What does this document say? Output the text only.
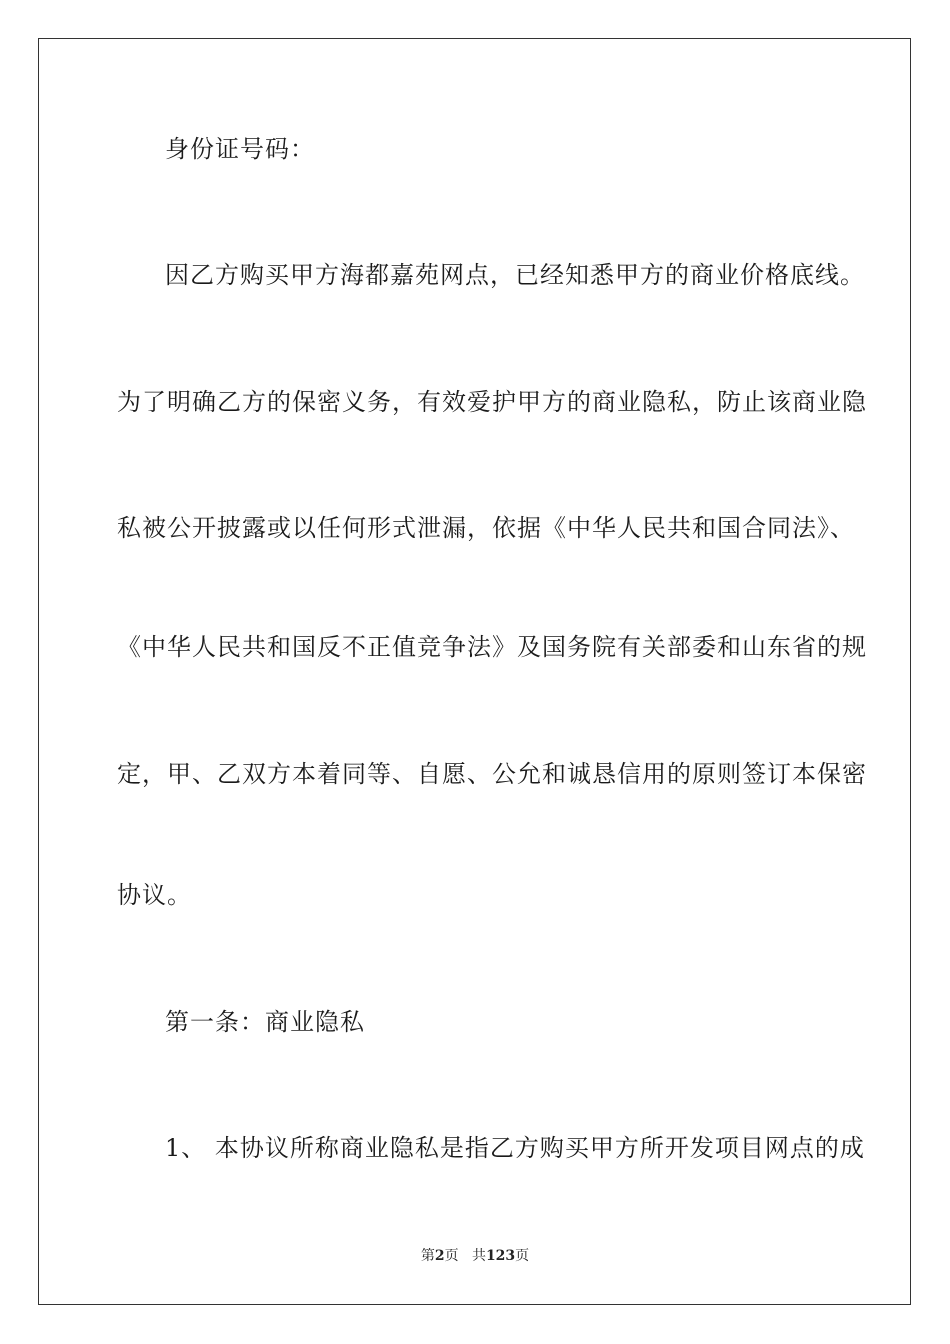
身份证号码：
因乙方购买甲方海都嘉苑网点，已经知悉甲方的商业价格底线。
为了明确乙方的保密义务，有效爱护甲方的商业隐私，防止该商业隐
私被公开披露或以任何形式泄漏，依据《中华人民共和国合同法》、
《中华人民共和国反不正值竞争法》及国务院有关部委和山东省的规
定，甲、乙双方本着同等、自愿、公允和诚恳信用的原则签订本保密
协议。
第一条：商业隐私
1、 本协议所称商业隐私是指乙方购买甲方所开发项目网点的成
第2页 共123页
